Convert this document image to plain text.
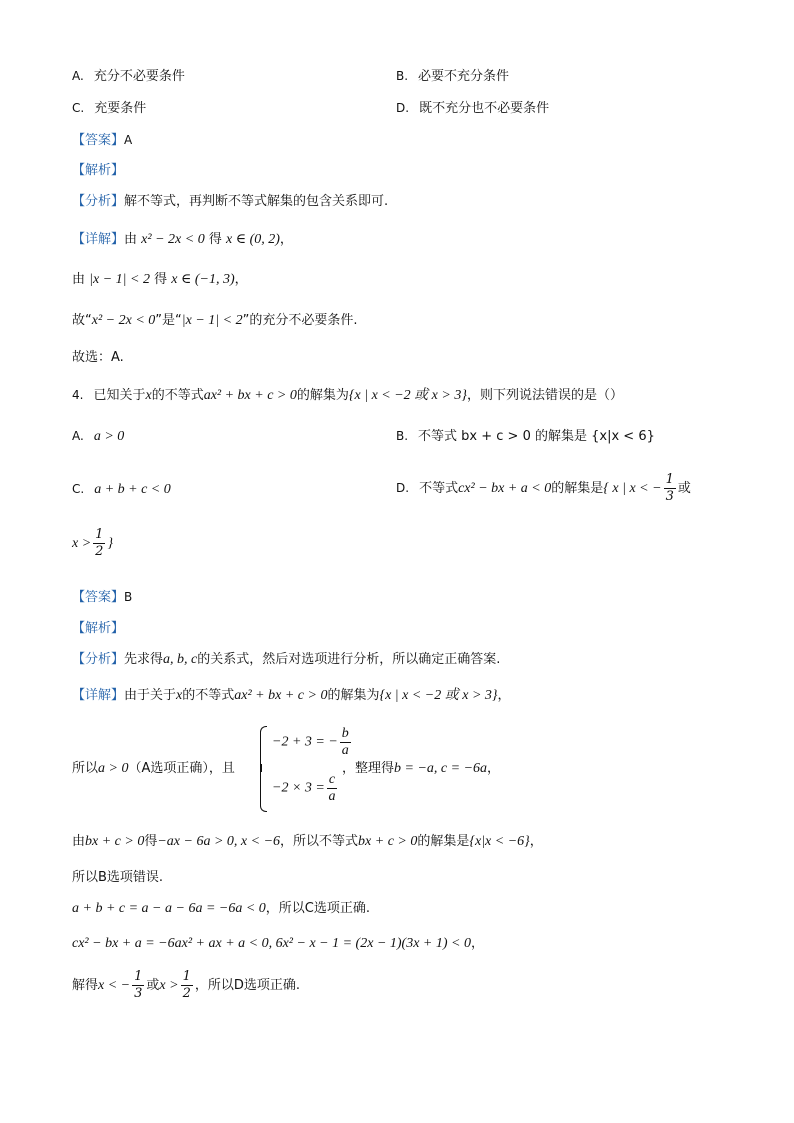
A. 充分不必要条件	B. 必要不充分条件
C. 充要条件	D. 既不充分也不必要条件
【答案】A
【解析】
【分析】解不等式，再判断不等式解集的包含关系即可.
【详解】由 x² − 2x < 0 得 x ∈ (0, 2)，
由 |x − 1| < 2 得 x ∈ (−1, 3)，
故“x² − 2x < 0”是“|x − 1| < 2”的充分不必要条件.
故选：A.
4. 已知关于x的不等式ax² + bx + c > 0的解集为{x | x < −2 或 x > 3}，则下列说法错误的是（）
A. a > 0	B. 不等式 bx + c > 0 的解集是 {x|x < 6}
C. a + b + c < 0	D. 不等式cx² − bx + a < 0的解集是{ x | x < − $\frac{1}{3}$ 或
$x > \frac{1}{2}$ }
【答案】B
【解析】
【分析】先求得a, b, c的关系式，然后对选项进行分析，所以确定正确答案.
【详解】由于关于x的不等式ax² + bx + c > 0的解集为{x | x < −2 或 x > 3}，
所以a > 0（A选项正确），且
−2 + 3 = − $\frac{b}{a}$
$-2 \times 3 = \frac{c}{a}$
，整理得b = −a, c = −6a，
由bx + c > 0得−ax − 6a > 0, x < −6，所以不等式bx + c > 0的解集是{x|x < −6}，
所以B选项错误.
a + b + c = a − a − 6a = −6a < 0，所以C选项正确.
cx² − bx + a = −6ax² + ax + a < 0, 6x² − x − 1 = (2x − 1)(3x + 1) < 0，
解得x < − $\frac{1}{3}$ 或$x > \frac{1}{2}$ ，所以D选项正确.
